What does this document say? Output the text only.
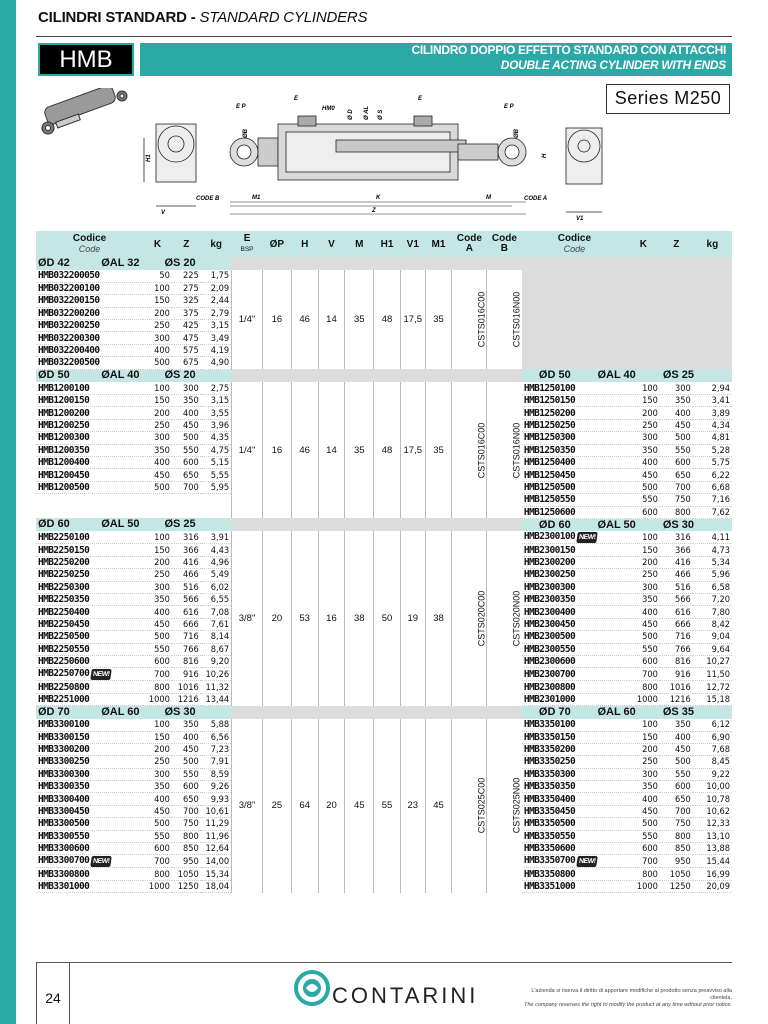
CILINDRI STANDARD - STANDARD CYLINDERS
HMB	CILINDRO DOPPIO EFFETTO STANDARD CON ATTACCHI
DOUBLE ACTING CYLINDER WITH ENDS
Series M250
V
H1
V1
H
CODE B	M1	K	M	CODE A
Z
E P
E
HM0
Ø D Ø AL Ø S
E
E P
ØB	ØB
Codice
Code	K	Z	kg	E
BSP	ØP	H	V	M	H1	V1	M1	Code A	Code B	Codice
Code	K	Z	kg
ØD 42 ØAL 32 ØS 20																	
HMB032200050	50	225	1,75	1/4"	16	46	14	35	48	17,5	35	CSTS016C00	CSTS016N00				
HMB032200100	100	275	2,09														
HMB032200150	150	325	2,44														
HMB032200200	200	375	2,79														
HMB032200250	250	425	3,15														
HMB032200300	300	475	3,49														
HMB032200400	400	575	4,19														
HMB032200500	500	675	4,90														
ØD 50 ØAL 40 ØS 20														ØD 50 ØAL 40 ØS 25			
HMB1200100	100	300	2,75	1/4"	16	46	14	35	48	17,5	35	CSTS016C00	CSTS016N00	HMB1250100	100	300	2,94
HMB1200150	150	350	3,15											HMB1250150	150	350	3,41
HMB1200200	200	400	3,55											HMB1250200	200	400	3,89
HMB1200250	250	450	3,96											HMB1250250	250	450	4,34
HMB1200300	300	500	4,35											HMB1250300	300	500	4,81
HMB1200350	350	550	4,75											HMB1250350	350	550	5,28
HMB1200400	400	600	5,15											HMB1250400	400	600	5,75
HMB1200450	450	650	5,55											HMB1250450	450	650	6,22
HMB1200500	500	700	5,95											HMB1250500	500	700	6,68
														HMB1250550	550	750	7,16
														HMB1250600	600	800	7,62
ØD 60 ØAL 50 ØS 25														ØD 60 ØAL 50 ØS 30			
HMB2250100	100	316	3,91	3/8"	20	53	16	38	50	19	38	CSTS020C00	CSTS020N00	HMB2300100 NEW!	100	316	4,11
HMB2250150	150	366	4,43											HMB2300150	150	366	4,73
HMB2250200	200	416	4,96											HMB2300200	200	416	5,34
HMB2250250	250	466	5,49											HMB2300250	250	466	5,96
HMB2250300	300	516	6,02											HMB2300300	300	516	6,58
HMB2250350	350	566	6,55											HMB2300350	350	566	7,20
HMB2250400	400	616	7,08											HMB2300400	400	616	7,80
HMB2250450	450	666	7,61											HMB2300450	450	666	8,42
HMB2250500	500	716	8,14											HMB2300500	500	716	9,04
HMB2250550	550	766	8,67											HMB2300550	550	766	9,64
HMB2250600	600	816	9,20											HMB2300600	600	816	10,27
HMB2250700 NEW!	700	916	10,26											HMB2300700	700	916	11,50
HMB2250800	800	1016	11,32											HMB2300800	800	1016	12,72
HMB2251000	1000	1216	13,44											HMB2301000	1000	1216	15,18
ØD 70 ØAL 60 ØS 30														ØD 70 ØAL 60 ØS 35			
HMB3300100	100	350	5,88	3/8"	25	64	20	45	55	23	45	CSTS025C00	CSTS025N00	HMB3350100	100	350	6,12
HMB3300150	150	400	6,56											HMB3350150	150	400	6,90
HMB3300200	200	450	7,23											HMB3350200	200	450	7,68
HMB3300250	250	500	7,91											HMB3350250	250	500	8,45
HMB3300300	300	550	8,59											HMB3350300	300	550	9,22
HMB3300350	350	600	9,26											HMB3350350	350	600	10,00
HMB3300400	400	650	9,93											HMB3350400	400	650	10,78
HMB3300450	450	700	10,61											HMB3350450	450	700	10,62
HMB3300500	500	750	11,29											HMB3350500	500	750	12,33
HMB3300550	550	800	11,96											HMB3350550	550	800	13,10
HMB3300600	600	850	12,64											HMB3350600	600	850	13,88
HMB3300700 NEW!	700	950	14,00											HMB3350700 NEW!	700	950	15,44
HMB3300800	800	1050	15,34											HMB3350800	800	1050	16,99
HMB3301000	1000	1250	18,04											HMB3351000	1000	1250	20,09
24	CONTARINI	L'azienda si riserva il diritto di apportare modifiche al prodotto senza preavviso alla clientela.
The company reserves the right to modify the product at any time without prior notice.
